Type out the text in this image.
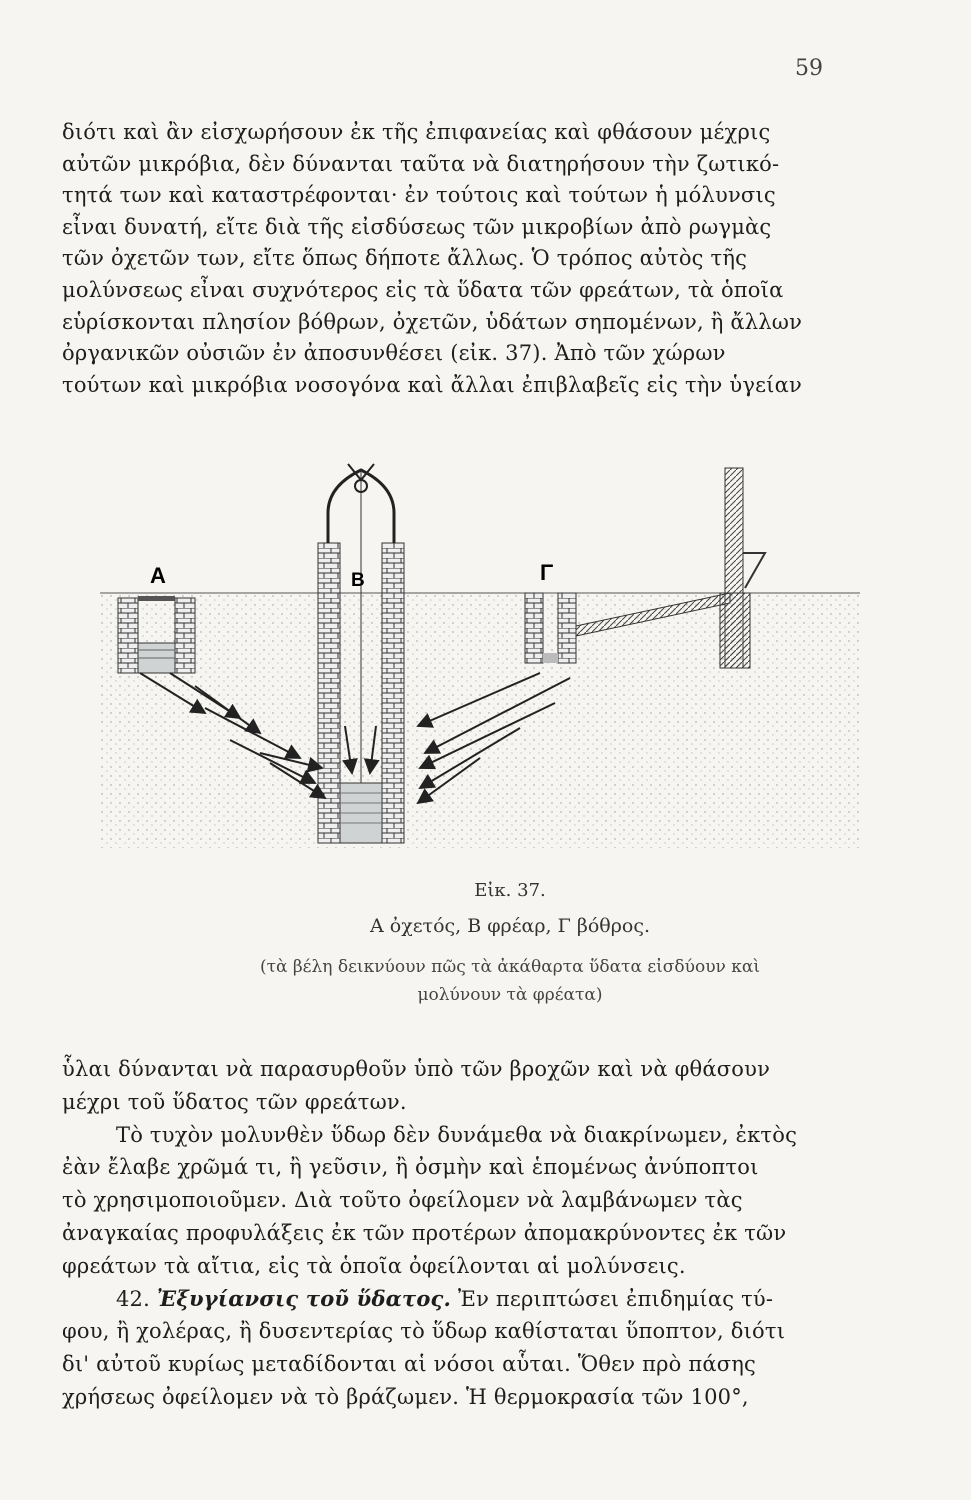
59
διότι καὶ ἂν εἰσχωρήσουν ἐκ τῆς ἐπιφανείας καὶ φθάσουν μέχρις
αὐτῶν μικρόβια, δὲν δύνανται ταῦτα νὰ διατηρήσουν τὴν ζωτικό-
τητά των καὶ καταστρέφονται· ἐν τούτοις καὶ τούτων ἡ μόλυνσις
εἶναι δυνατή, εἴτε διὰ τῆς εἰσδύσεως τῶν μικροβίων ἀπὸ ρωγμὰς
τῶν ὀχετῶν των, εἴτε ὅπως δήποτε ἄλλως. Ὁ τρόπος αὐτὸς τῆς
μολύνσεως εἶναι συχνότερος εἰς τὰ ὕδατα τῶν φρεάτων, τὰ ὁποῖα
εὑρίσκονται πλησίον βόθρων, ὀχετῶν, ὑδάτων σηπομένων, ἢ ἄλλων
ὀργανικῶν οὐσιῶν ἐν ἀποσυνθέσει (εἰκ. 37). Ἀπὸ τῶν χώρων
τούτων καὶ μικρόβια νοσογόνα καὶ ἄλλαι ἐπιβλαβεῖς εἰς τὴν ὑγείαν
Α	Β	Γ
Εἰκ. 37.
Α ὀχετός, Β φρέαρ, Γ βόθρος.
(τὰ βέλη δεικνύουν πῶς τὰ ἀκάθαρτα ὕδατα εἰσδύουν καὶ
μολύνουν τὰ φρέατα)
ὗλαι δύνανται νὰ παρασυρθοῦν ὑπὸ τῶν βροχῶν καὶ νὰ φθάσουν
μέχρι τοῦ ὕδατος τῶν φρεάτων.
Τὸ τυχὸν μολυνθὲν ὕδωρ δὲν δυνάμεθα νὰ διακρίνωμεν, ἐκτὸς
ἐὰν ἔλαβε χρῶμά τι, ἢ γεῦσιν, ἢ ὀσμὴν καὶ ἑπομένως ἀνύποπτοι
τὸ χρησιμοποιοῦμεν. Διὰ τοῦτο ὀφείλομεν νὰ λαμβάνωμεν τὰς
ἀναγκαίας προφυλάξεις ἐκ τῶν προτέρων ἀπομακρύνοντες ἐκ τῶν
φρεάτων τὰ αἴτια, εἰς τὰ ὁποῖα ὀφείλονται αἱ μολύνσεις.
42. Ἐξυγίανσις τοῦ ὕδατος. Ἐν περιπτώσει ἐπιδημίας τύ-
φου, ἢ χολέρας, ἢ δυσεντερίας τὸ ὕδωρ καθίσταται ὕποπτον, διότι
δι' αὐτοῦ κυρίως μεταδίδονται αἱ νόσοι αὗται. Ὅθεν πρὸ πάσης
χρήσεως ὀφείλομεν νὰ τὸ βράζωμεν. Ἡ θερμοκρασία τῶν 100°,
